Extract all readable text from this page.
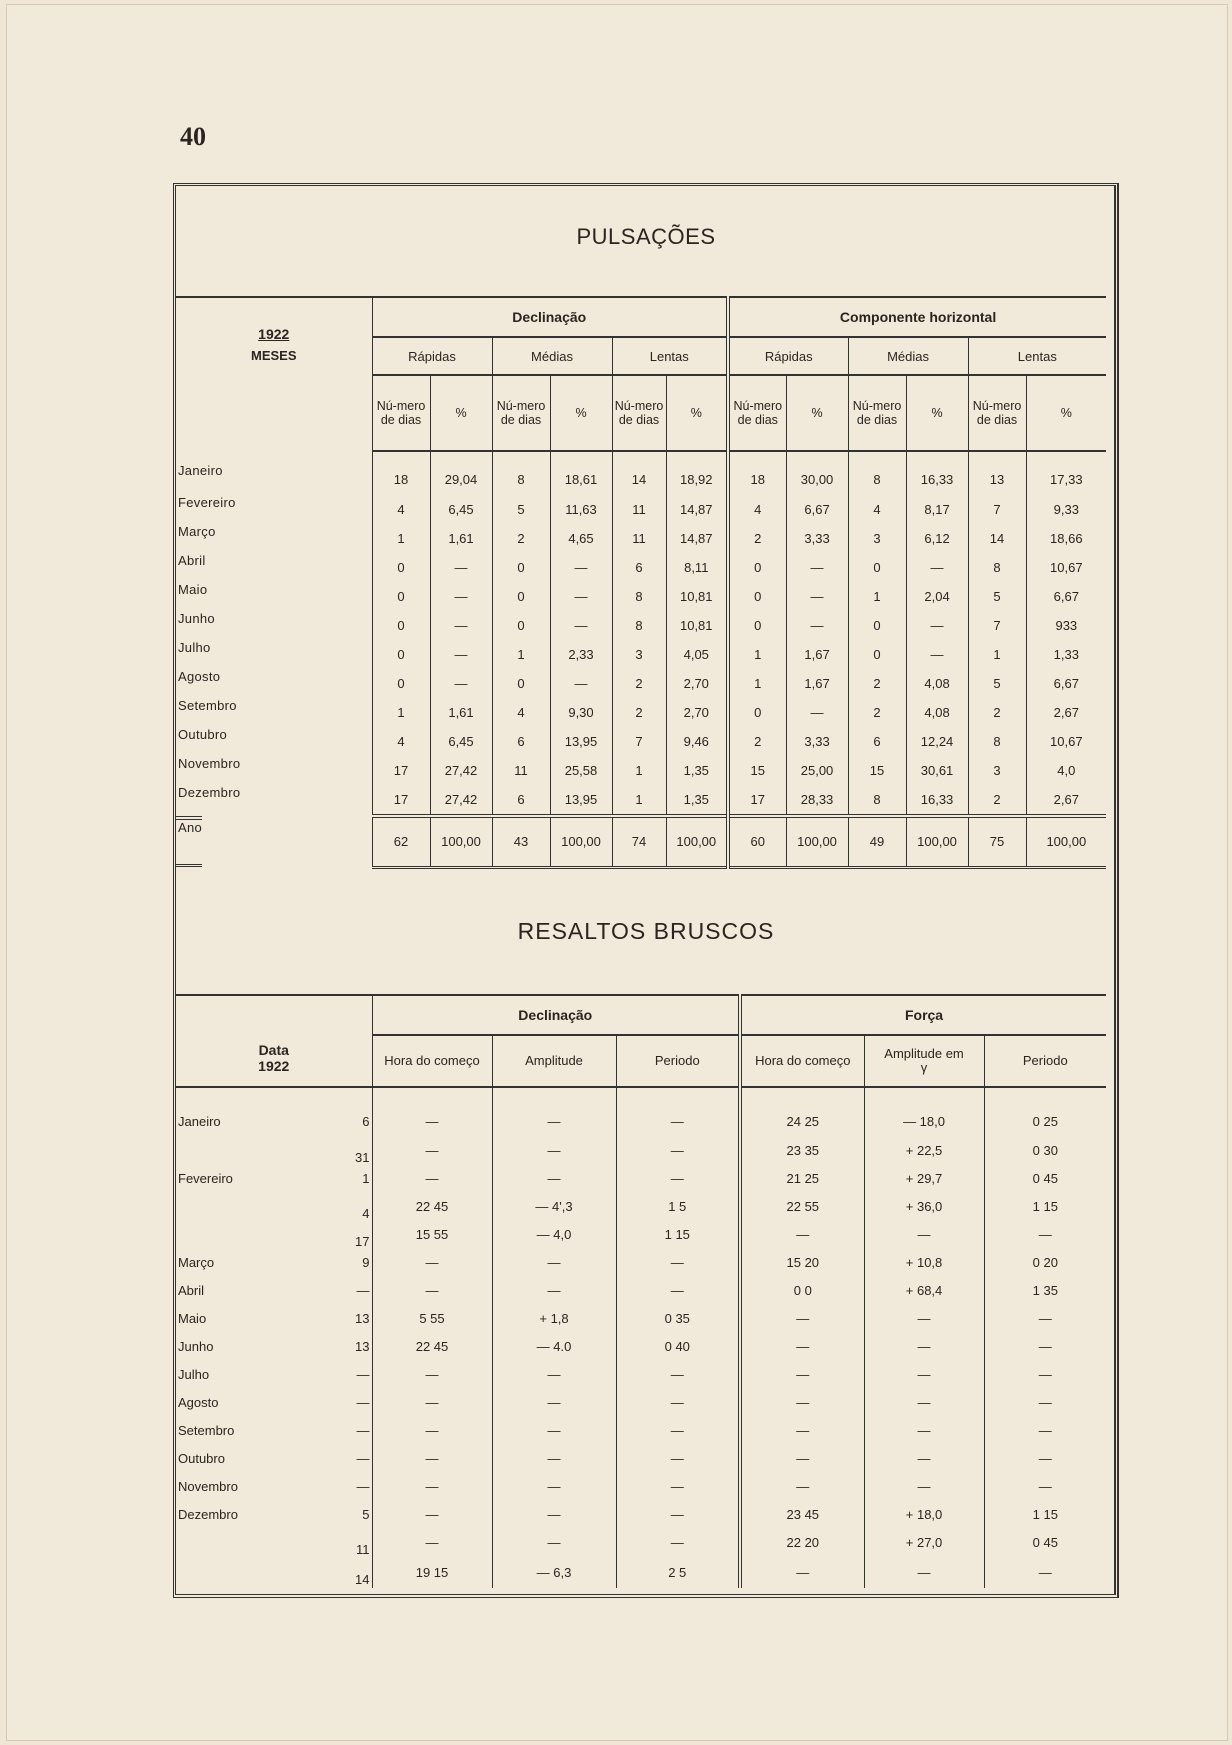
40
PULSAÇÕES
1922
MESES	Declinação						Componente horizontal					
	Rápidas		Médias		Lentas		Rápidas		Médias		Lentas	
	Nú-mero de dias	%	Nú-mero de dias	%	Nú-mero de dias	%	Nú-mero de dias	%	Nú-mero de dias	%	Nú-mero de dias	%
Janeiro18	29,04	8	18,61	14	18,92	18	30,00	8	16,33	13	17,33
Fevereiro	4	6,45	5	11,63	11	14,87	4	6,67	4	8,17	7	9,33
Março	1	1,61	2	4,65	11	14,87	2	3,33	3	6,12	14	18,66
Abril	0	—	0	—	6	8,11	0	—	0	—	8	10,67
Maio	0	—	0	—	8	10,81	0	—	1	2,04	5	6,67
Junho	0	—	0	—	8	10,81	0	—	0	—	7	933
Julho	0	—	1	2,33	3	4,05	1	1,67	0	—	1	1,33
Agosto	0	—	0	—	2	2,70	1	1,67	2	4,08	5	6,67
Setembro	1	1,61	4	9,30	2	2,70	0	—	2	4,08	2	2,67
Outubro	4	6,45	6	13,95	7	9,46	2	3,33	6	12,24	8	10,67
Novembro	17	27,42	11	25,58	1	1,35	15	25,00	15	30,61	3	4,0
Dezembro	17	27,42	6	13,95	1	1,35	17	28,33	8	16,33	2	2,67
Ano62	100,00	43	100,00	74	100,00	60	100,00	49	100,00	75	100,00
RESALTOS BRUSCOS
Data
1922	Declinação			Força		
	Hora do começo	Amplitude	Periodo	Hora do começo	Amplitude em γ	Periodo
Janeiro 6	—	—	—	24 25	— 18,0	0 25

31	—	—	—	23 35	+ 22,5	0 30
Fevereiro 1	—	—	—	21 25	+ 29,7	0 45

4	22 45	— 4',3	1 5	22 55	+ 36,0	1 15

17	15 55	— 4,0	1 15	—	—	—
Março 9	—	—	—	15 20	+ 10,8	0 20
Abril —	—	—	—	0 0	+ 68,4	1 35
Maio 13	5 55	+ 1,8	0 35	—	—	—
Junho 13	22 45	— 4.0	0 40	—	—	—
Julho —	—	—	—	—	—	—
Agosto —	—	—	—	—	—	—
Setembro —	—	—	—	—	—	—
Outubro —	—	—	—	—	—	—
Novembro —	—	—	—	—	—	—
Dezembro 5	—	—	—	23 45	+ 18,0	1 15

11	—	—	—	22 20	+ 27,0	0 45

14	19 15	— 6,3	2 5	—	—	—
